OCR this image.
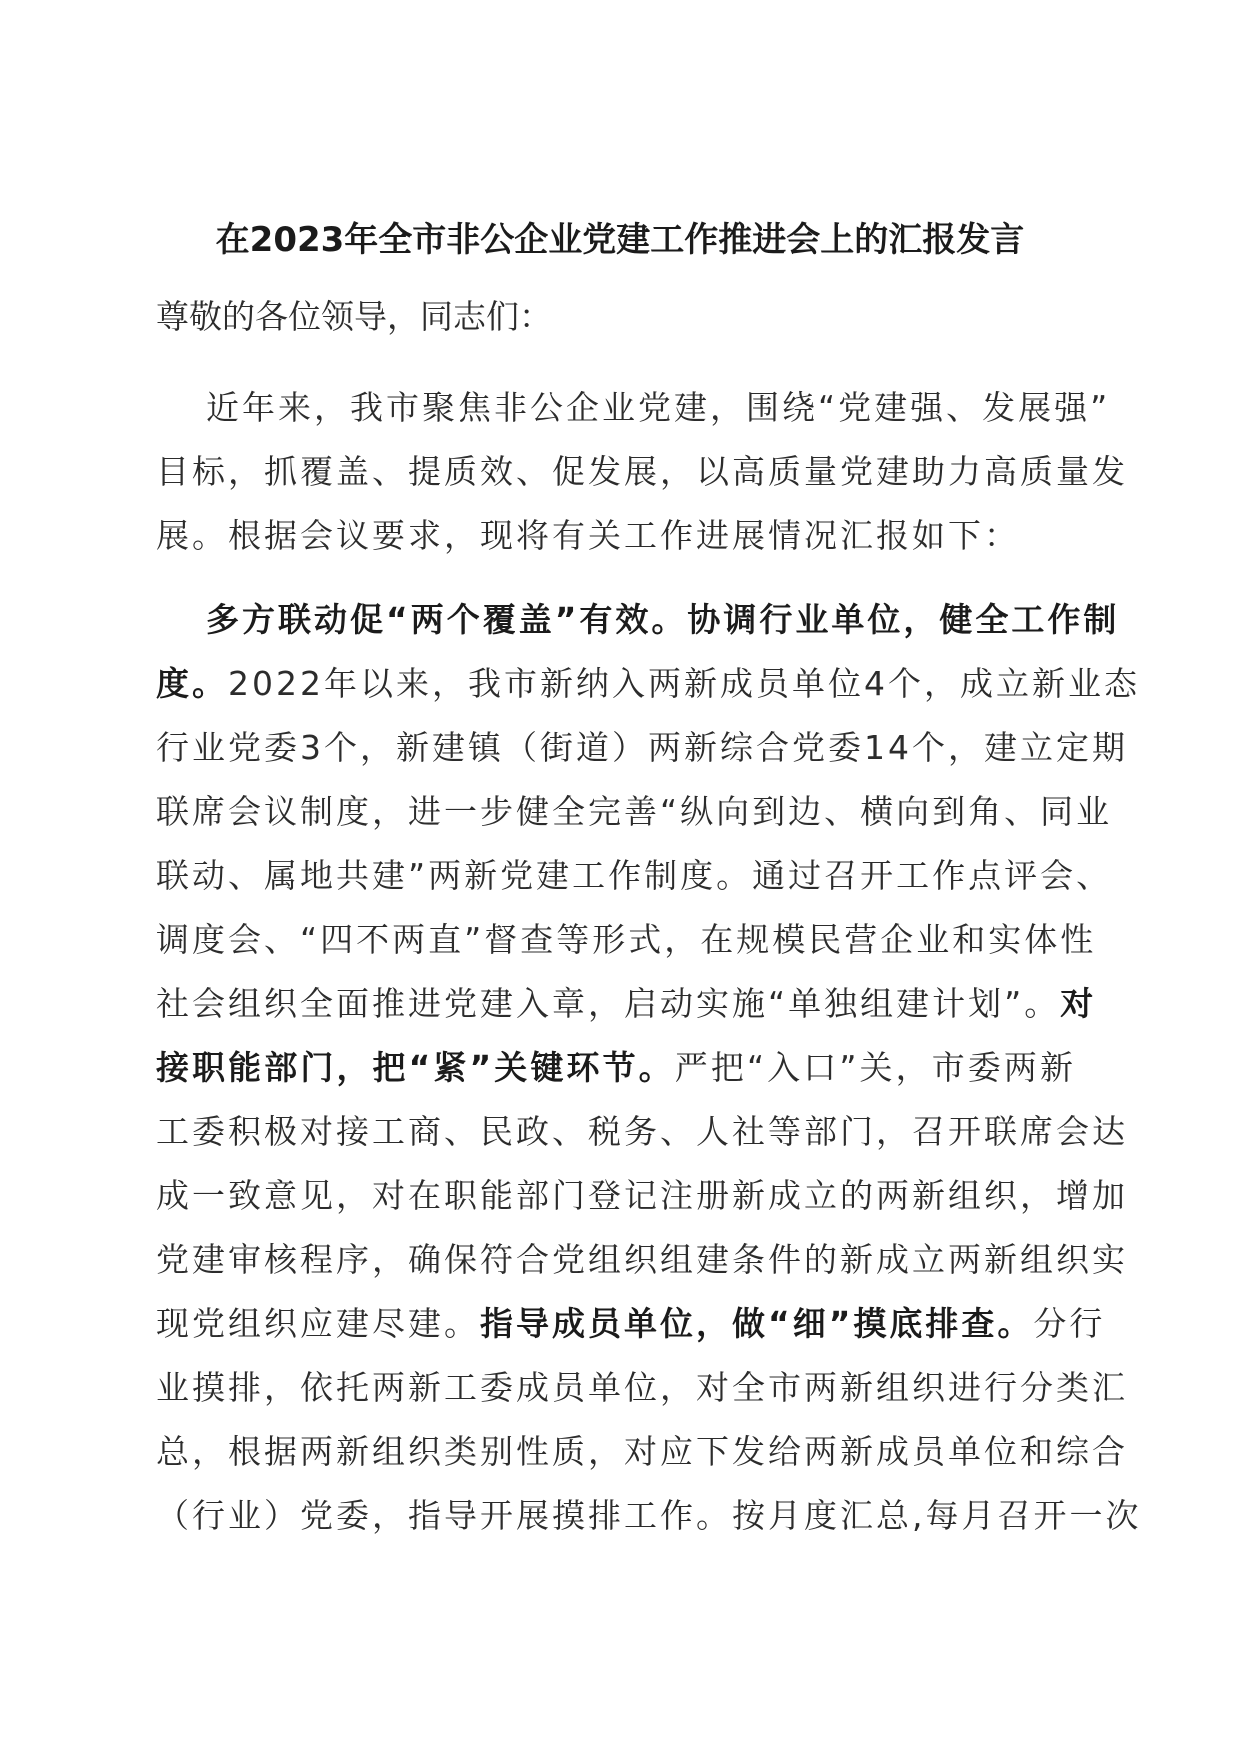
在2023年全市非公企业党建工作推进会上的汇报发言
尊敬的各位领导，同志们：
近年来，我市聚焦非公企业党建，围绕“党建强、发展强”
目标，抓覆盖、提质效、促发展，以高质量党建助力高质量发
展。根据会议要求，现将有关工作进展情况汇报如下：
多方联动促“两个覆盖”有效。协调行业单位，健全工作制
度。2022年以来，我市新纳入两新成员单位4个，成立新业态
行业党委3个，新建镇（街道）两新综合党委14个，建立定期
联席会议制度，进一步健全完善“纵向到边、横向到角、同业
联动、属地共建”两新党建工作制度。通过召开工作点评会、
调度会、“四不两直”督查等形式，在规模民营企业和实体性
社会组织全面推进党建入章，启动实施“单独组建计划”。对
接职能部门，把“紧”关键环节。严把“入口”关，市委两新
工委积极对接工商、民政、税务、人社等部门，召开联席会达
成一致意见，对在职能部门登记注册新成立的两新组织，增加
党建审核程序，确保符合党组织组建条件的新成立两新组织实
现党组织应建尽建。指导成员单位，做“细”摸底排查。分行
业摸排，依托两新工委成员单位，对全市两新组织进行分类汇
总，根据两新组织类别性质，对应下发给两新成员单位和综合
（行业）党委，指导开展摸排工作。按月度汇总,每月召开一次
